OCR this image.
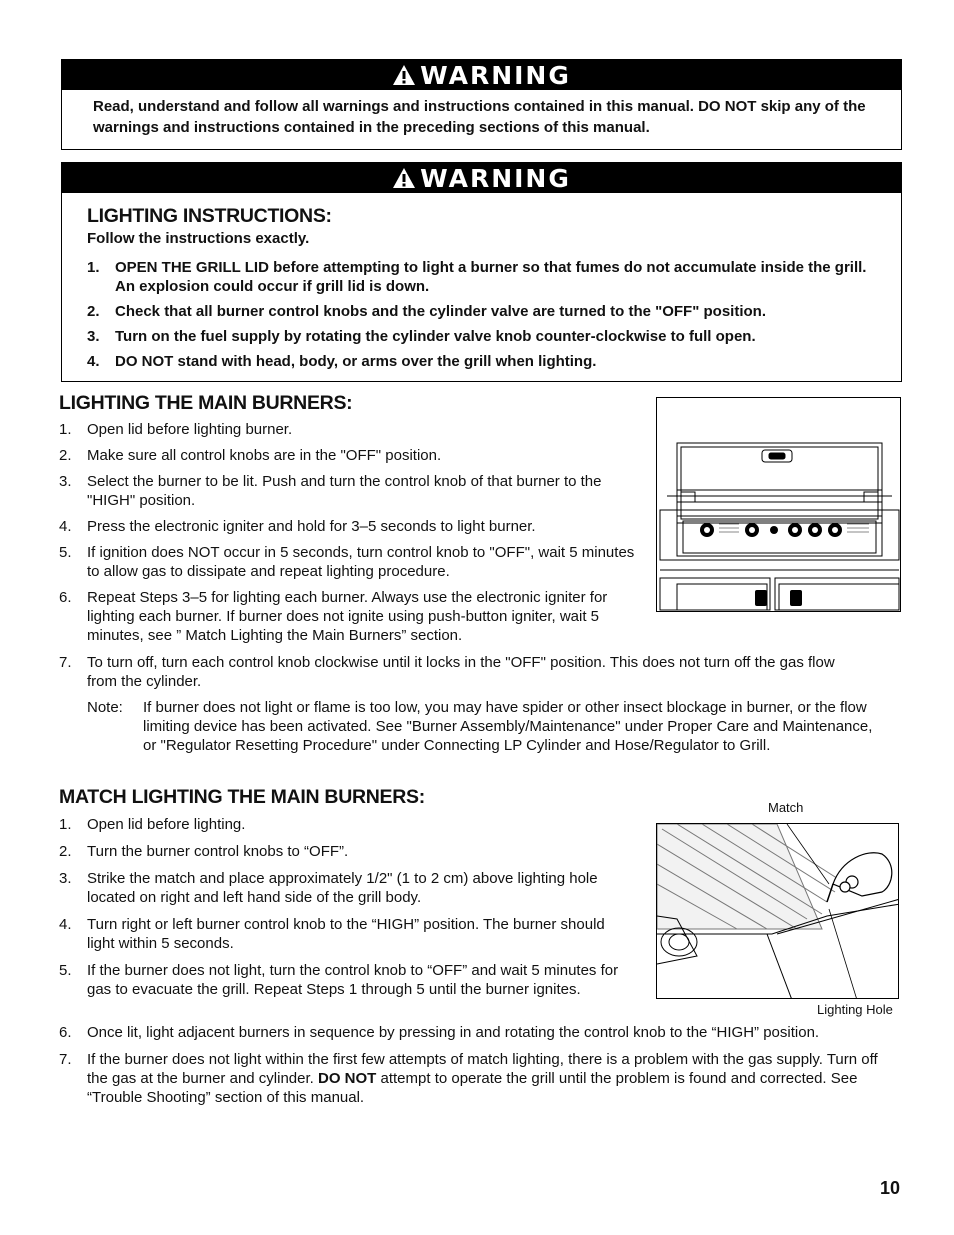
WARNING
Read, understand and follow all warnings and instructions contained in this manual. DO NOT skip any of the warnings and instructions contained in the preceding sections of this manual.
WARNING
LIGHTING INSTRUCTIONS:
Follow the instructions exactly.
1. OPEN THE GRILL LID before attempting to light a burner so that fumes do not accumulate inside the grill. An explosion could occur if grill lid is down.
2. Check that all burner control knobs and the cylinder valve are turned to the "OFF" position.
3. Turn on the fuel supply by rotating the cylinder valve knob counter-clockwise to full open.
4. DO NOT stand with head, body, or arms over the grill when lighting.
LIGHTING THE MAIN BURNERS:
1. Open lid before lighting burner.
2. Make sure all control knobs are in the "OFF" position.
3. Select the burner to be lit. Push and turn the control knob of that burner to the "HIGH" position.
4. Press the electronic igniter and hold for 3–5 seconds to light burner.
5. If ignition does NOT occur in 5 seconds, turn control knob to "OFF", wait 5 minutes to allow gas to dissipate and repeat lighting procedure.
6. Repeat Steps 3–5 for lighting each burner. Always use the electronic igniter for lighting each burner. If burner does not ignite using push-button igniter, wait 5 minutes, see ” Match Lighting the Main Burners” section.
7. To turn off, turn each control knob clockwise until it locks in the "OFF" position. This does not turn off the gas flow from the cylinder.
Note: If burner does not light or flame is too low, you may have spider or other insect blockage in burner, or the flow limiting device has been activated. See "Burner Assembly/Maintenance" under Proper Care and Maintenance, or "Regulator Resetting Procedure" under Connecting LP Cylinder and Hose/Regulator to Grill.
MATCH LIGHTING THE MAIN BURNERS:
1. Open lid before lighting.
2. Turn the burner control knobs to “OFF”.
3. Strike the match and place approximately 1/2" (1 to 2 cm) above lighting hole located on right and left hand side of the grill body.
4. Turn right or left burner control knob to the “HIGH” position. The burner should light within 5 seconds.
5. If the burner does not light, turn the control knob to “OFF” and wait 5 minutes for gas to evacuate the grill. Repeat Steps 1 through 5 until the burner ignites.
6. Once lit, light adjacent burners in sequence by pressing in and rotating the control knob to the “HIGH” position.
7. If the burner does not light within the first few attempts of match lighting, there is a problem with the gas supply. Turn off the gas at the burner and cylinder. DO NOT attempt to operate the grill until the problem is found and corrected. See “Trouble Shooting” section of this manual.
Match
Lighting Hole
10
